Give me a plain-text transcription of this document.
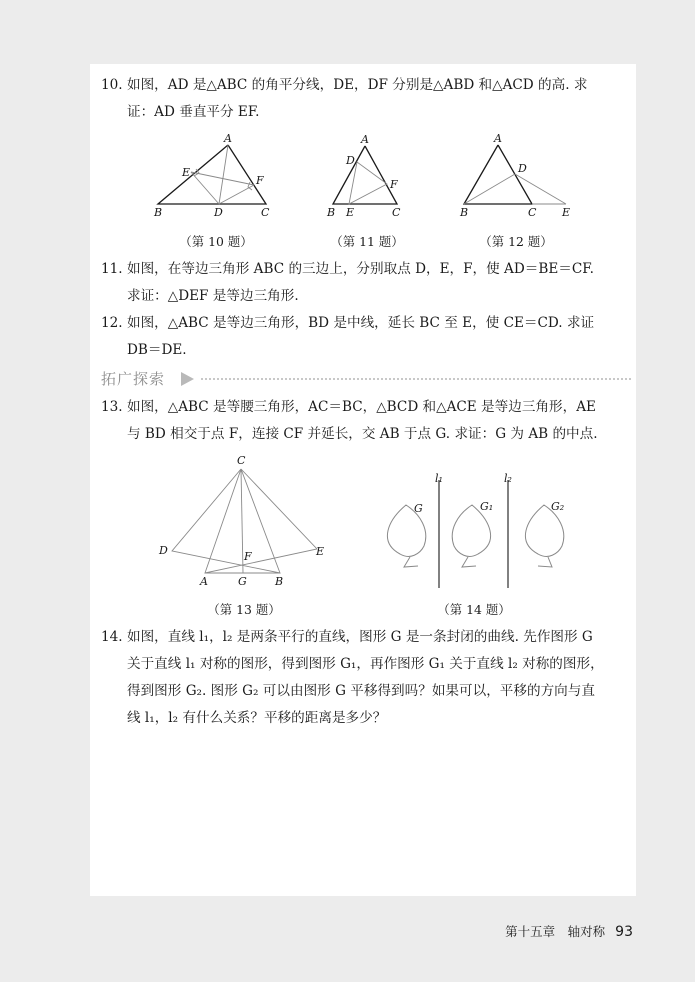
10. 如图，AD 是△ABC 的角平分线，DE，DF 分别是△ABD 和△ACD 的高. 求
证：AD 垂直平分 EF.
A
E
F
B	D	C
（第 10 题）
A
D
F
B E	C
（第 11 题）
A
D
B	C E
（第 12 题）
11. 如图，在等边三角形 ABC 的三边上，分别取点 D，E，F，使 AD＝BE＝CF.
求证：△DEF 是等边三角形.
12. 如图，△ABC 是等边三角形，BD 是中线，延长 BC 至 E，使 CE＝CD. 求证
DB＝DE.
拓广探索
13. 如图，△ABC 是等腰三角形，AC＝BC，△BCD 和△ACE 是等边三角形，AE
与 BD 相交于点 F，连接 CF 并延长，交 AB 于点 G. 求证：G 为 AB 的中点.
C
D	E
F
A	G	B
（第 13 题）
l₁	l₂
G	G₁	G₂
（第 14 题）
14. 如图，直线 l₁，l₂ 是两条平行的直线，图形 G 是一条封闭的曲线. 先作图形 G
关于直线 l₁ 对称的图形，得到图形 G₁，再作图形 G₁ 关于直线 l₂ 对称的图形，
得到图形 G₂. 图形 G₂ 可以由图形 G 平移得到吗？如果可以，平移的方向与直
线 l₁，l₂ 有什么关系？平移的距离是多少？
第十五章　轴对称 93
